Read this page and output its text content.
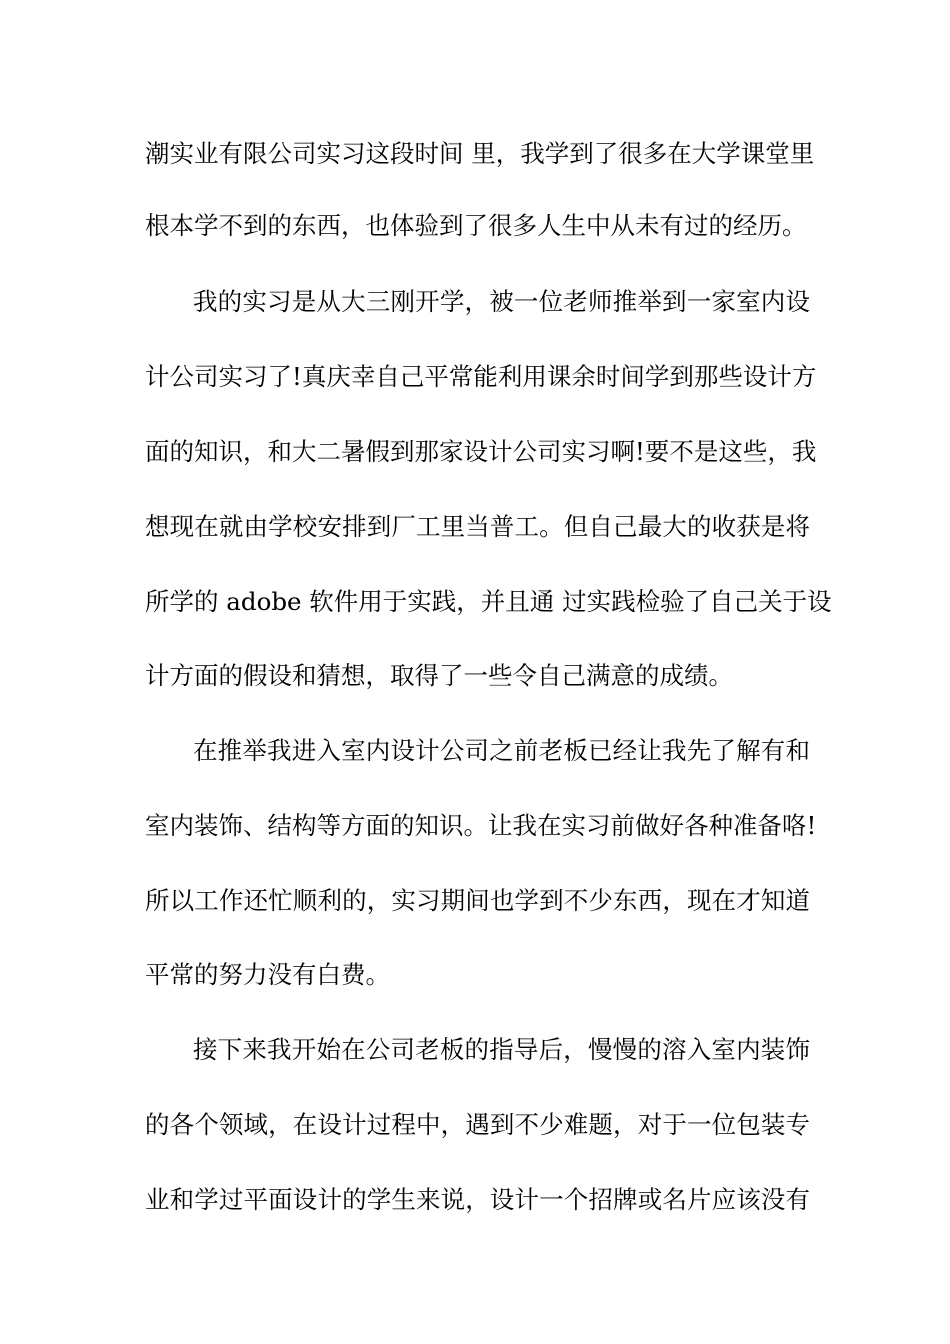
潮实业有限公司实习这段时间 里，我学到了很多在大学课堂里
根本学不到的东西，也体验到了很多人生中从未有过的经历。
我的实习是从大三刚开学，被一位老师推举到一家室内设
计公司实习了!真庆幸自己平常能利用课余时间学到那些设计方
面的知识，和大二暑假到那家设计公司实习啊!要不是这些，我
想现在就由学校安排到厂工里当普工。但自己最大的收获是将
所学的 adobe 软件用于实践，并且通 过实践检验了自己关于设
计方面的假设和猜想，取得了一些令自己满意的成绩。
在推举我进入室内设计公司之前老板已经让我先了解有和
室内装饰、结构等方面的知识。让我在实习前做好各种准备咯!
所以工作还忙顺利的，实习期间也学到不少东西，现在才知道
平常的努力没有白费。
接下来我开始在公司老板的指导后，慢慢的溶入室内装饰
的各个领域，在设计过程中，遇到不少难题，对于一位包装专
业和学过平面设计的学生来说，设计一个招牌或名片应该没有
